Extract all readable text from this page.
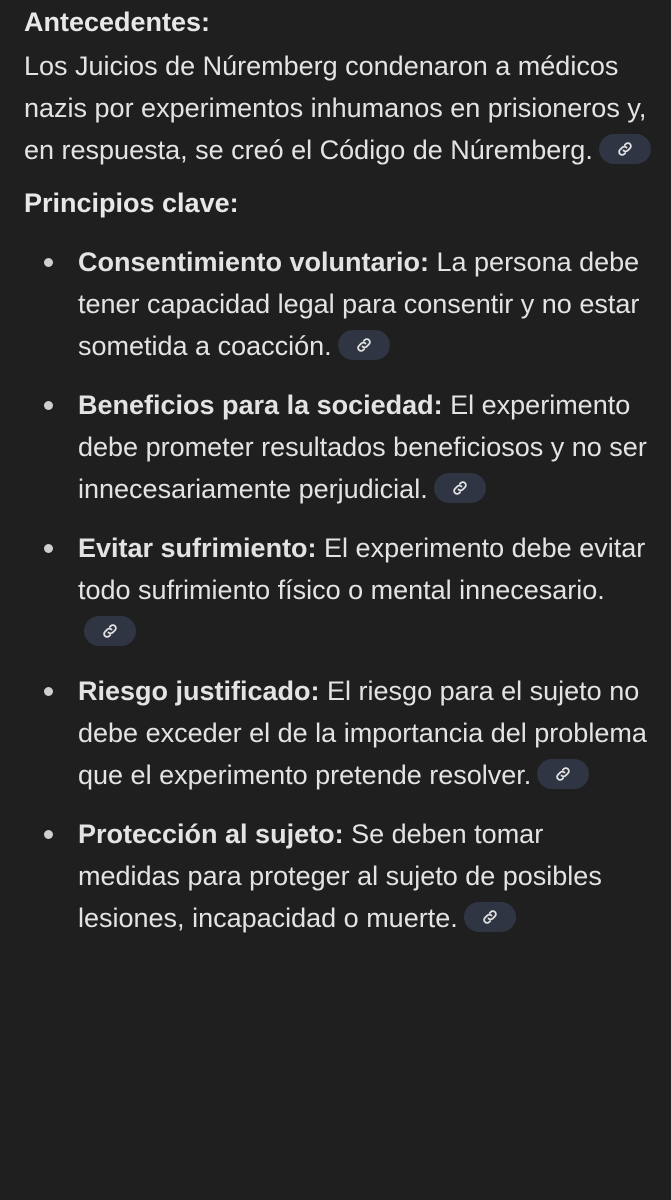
Antecedentes:

Los Juicios de Núremberg condenaron a médicos nazis por experimentos inhumanos en prisioneros y, en respuesta, se creó el Código de Núremberg.

Principios clave:

Consentimiento voluntario: La persona debe tener capacidad legal para consentir y no estar sometida a coacción.
Beneficios para la sociedad: El experimento debe prometer resultados beneficiosos y no ser innecesariamente perjudicial.
Evitar sufrimiento: El experimento debe evitar todo sufrimiento físico o mental innecesario.
Riesgo justificado: El riesgo para el sujeto no debe exceder el de la importancia del problema que el experimento pretende resolver.
Protección al sujeto: Se deben tomar medidas para proteger al sujeto de posibles lesiones, incapacidad o muerte.
